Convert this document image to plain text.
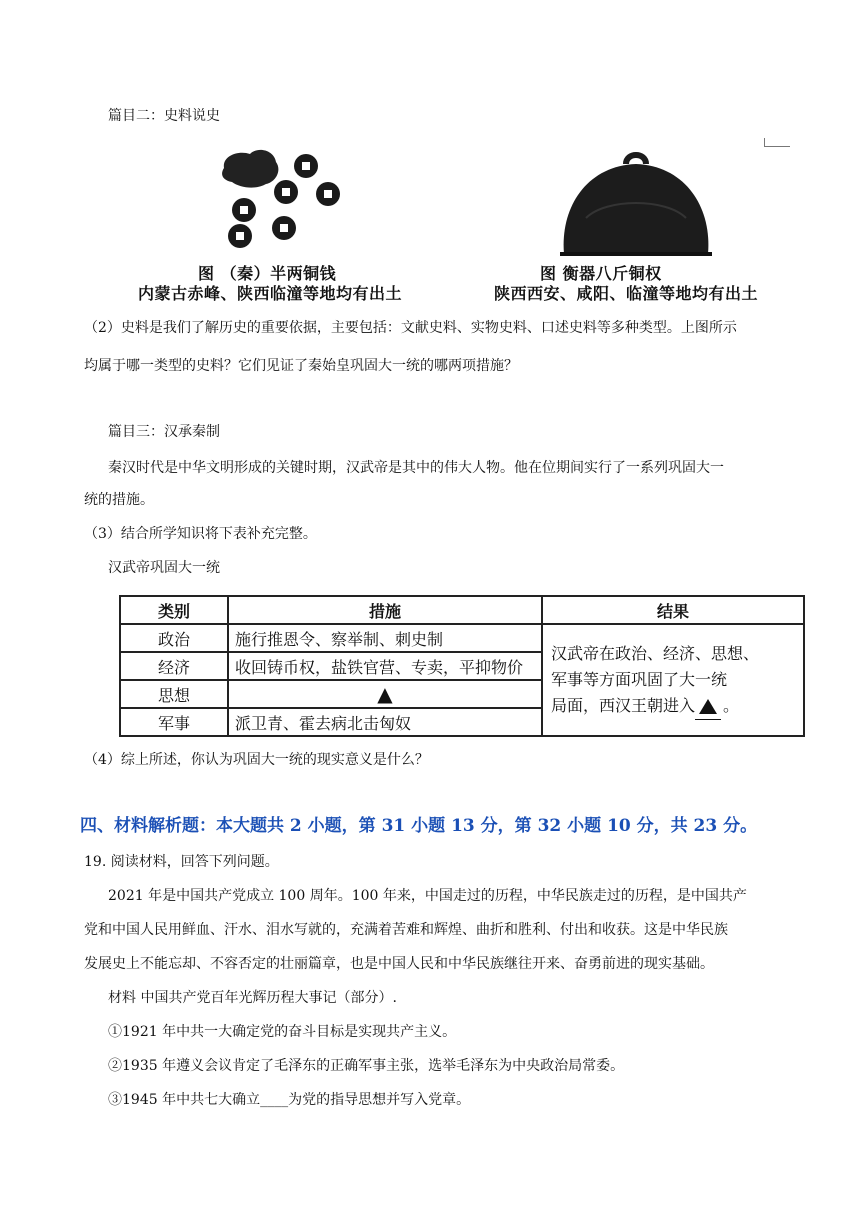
篇目二：史料说史
图 （秦）半两铜钱
内蒙古赤峰、陕西临潼等地均有出土
图 衡器八斤铜权
陕西西安、咸阳、临潼等地均有出土
（2）史料是我们了解历史的重要依据，主要包括：文献史料、实物史料、口述史料等多种类型。上图所示
均属于哪一类型的史料？它们见证了秦始皇巩固大一统的哪两项措施？
篇目三：汉承秦制
秦汉时代是中华文明形成的关键时期，汉武帝是其中的伟大人物。他在位期间实行了一系列巩固大一
统的措施。
（3）结合所学知识将下表补充完整。
汉武帝巩固大一统
类别	措施	结果
政治	施行推恩令、察举制、刺史制	汉武帝在政治、经济、思想、
军事等方面巩固了大一统
局面，西汉王朝进入 。

经济	收回铸币权，盐铁官营、专卖，平抑物价	
思想	▲	
军事	派卫青、霍去病北击匈奴	
（4）综上所述，你认为巩固大一统的现实意义是什么？
四、材料解析题：本大题共 2 小题，第 31 小题 13 分，第 32 小题 10 分，共 23 分。
19. 阅读材料，回答下列问题。
2021 年是中国共产党成立 100 周年。100 年来，中国走过的历程，中华民族走过的历程，是中国共产
党和中国人民用鲜血、汗水、泪水写就的，充满着苦难和辉煌、曲折和胜利、付出和收获。这是中华民族
发展史上不能忘却、不容否定的壮丽篇章，也是中国人民和中华民族继往开来、奋勇前进的现实基础。
材料 中国共产党百年光辉历程大事记（部分）.
①1921 年中共一大确定党的奋斗目标是实现共产主义。
②1935 年遵义会议肯定了毛泽东的正确军事主张，选举毛泽东为中央政治局常委。
③1945 年中共七大确立____为党的指导思想并写入党章。
